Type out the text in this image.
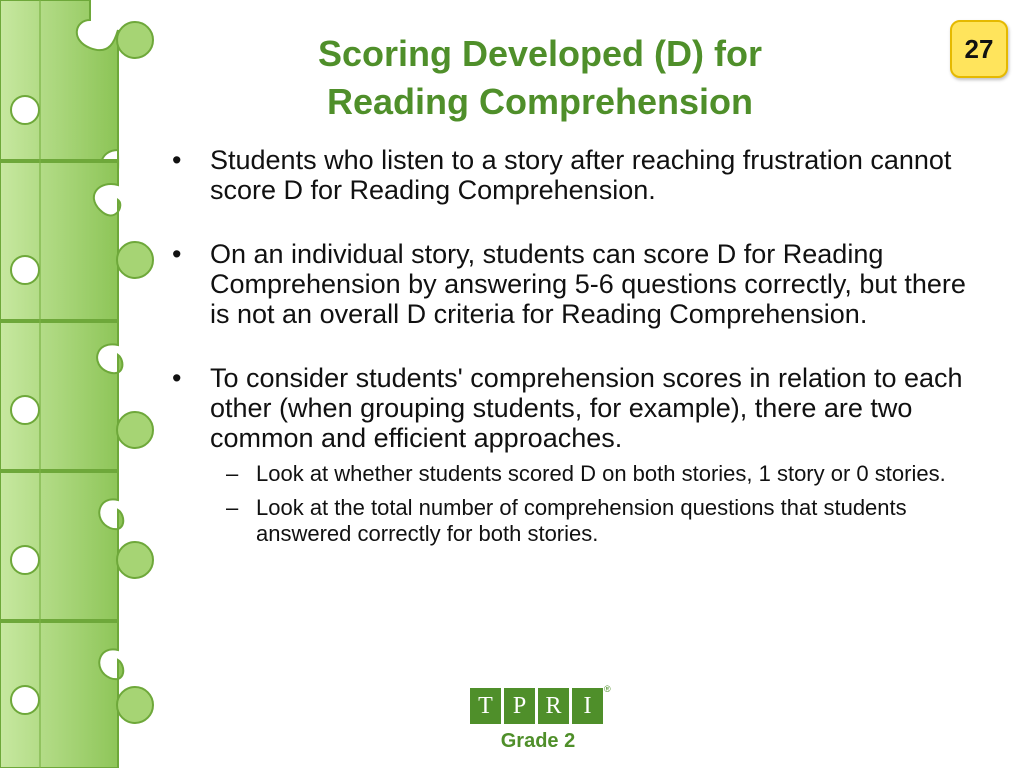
Scoring Developed (D) for
Reading Comprehension
27
• Students who listen to a story after reaching frustration cannot score D for Reading Comprehension.
• On an individual story, students can score D for Reading Comprehension by answering 5-6 questions correctly, but there is not an overall D criteria for Reading Comprehension.
• To consider students' comprehension scores in relation to each other (when grouping students, for example), there are two common and efficient approaches.
– Look at whether students scored D on both stories, 1 story or 0 stories.
– Look at the total number of comprehension questions that students answered correctly for both stories.
T P R I
®
Grade 2
